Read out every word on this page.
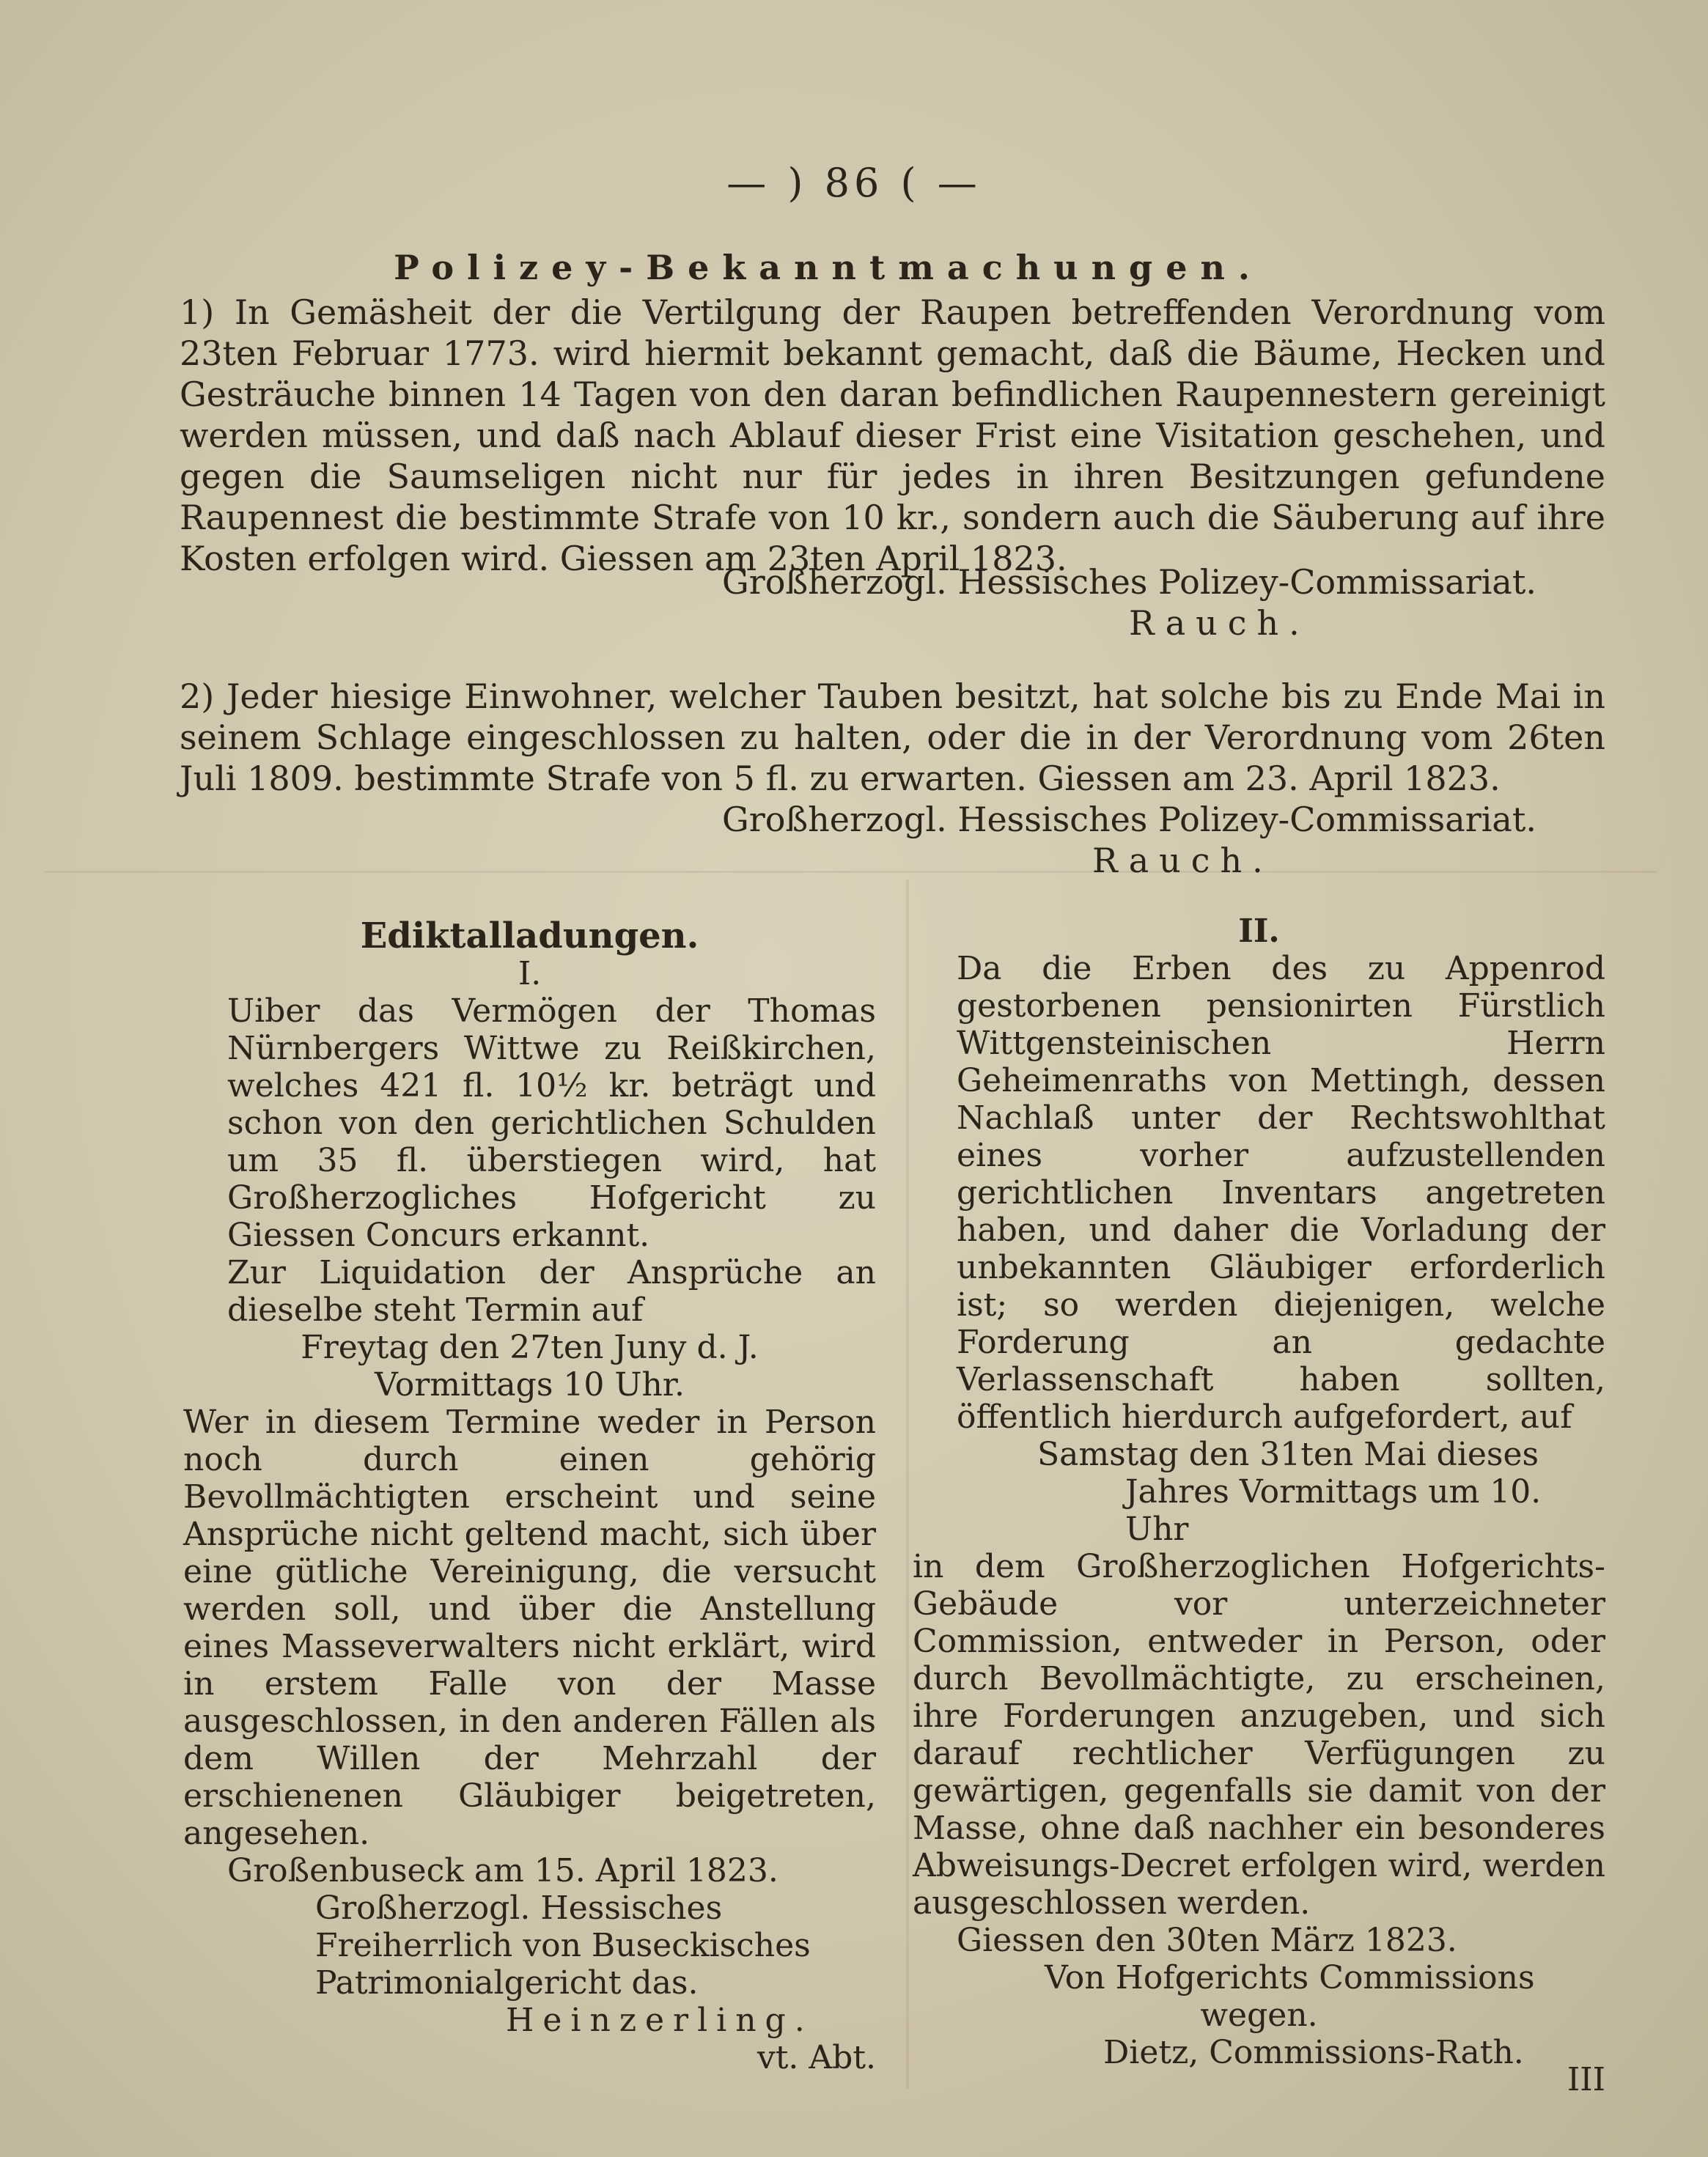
— ) 86 ( —
Polizey-Bekanntmachungen.
1) In Gemäsheit der die Vertilgung der Raupen betreffenden Verordnung vom 23ten Februar 1773. wird hiermit bekannt gemacht, daß die Bäume, Hecken und Gesträuche binnen 14 Tagen von den daran befindlichen Raupennestern gereinigt werden müssen, und daß nach Ablauf dieser Frist eine Visitation geschehen, und gegen die Saumseligen nicht nur für jedes in ihren Besitzungen gefundene Raupennest die bestimmte Strafe von 10 kr., sondern auch die Säuberung auf ihre Kosten erfolgen wird. Giessen am 23ten April 1823.
Großherzogl. Hessisches Polizey-Commissariat.
Rauch.
2) Jeder hiesige Einwohner, welcher Tauben besitzt, hat solche bis zu Ende Mai in seinem Schlage eingeschlossen zu halten, oder die in der Verordnung vom 26ten Juli 1809. bestimmte Strafe von 5 fl. zu erwarten. Giessen am 23. April 1823.
Großherzogl. Hessisches Polizey-Commissariat.
Rauch.
Ediktalladungen.
I.
Uiber das Vermögen der Thomas Nürnbergers Wittwe zu Reißkirchen, welches 421 fl. 10½ kr. beträgt und schon von den gerichtlichen Schulden um 35 fl. überstiegen wird, hat Großherzogliches Hofgericht zu Giessen Concurs erkannt.
Zur Liquidation der Ansprüche an dieselbe steht Termin auf
Freytag den 27ten Juny d. J.
Vormittags 10 Uhr.
Wer in diesem Termine weder in Person noch durch einen gehörig Bevollmächtigten erscheint und seine Ansprüche nicht geltend macht, sich über eine gütliche Vereinigung, die versucht werden soll, und über die Anstellung eines Masseverwalters nicht erklärt, wird in erstem Falle von der Masse ausgeschlossen, in den anderen Fällen als dem Willen der Mehrzahl der erschienenen Gläubiger beigetreten, angesehen.
Großenbuseck am 15. April 1823.
Großherzogl. Hessisches Freiherrlich von Buseckisches Patrimonialgericht das.
Heinzerling.
vt. Abt.
II.
Da die Erben des zu Appenrod gestorbenen pensionirten Fürstlich Wittgensteinischen Herrn Geheimenraths von Mettingh, dessen Nachlaß unter der Rechtswohlthat eines vorher aufzustellenden gerichtlichen Inventars angetreten haben, und daher die Vorladung der unbekannten Gläubiger erforderlich ist; so werden diejenigen, welche Forderung an gedachte Verlassenschaft haben sollten, öffentlich hierdurch aufgefordert, auf
Samstag den 31ten Mai dieses
Jahres Vormittags um 10.
Uhr
in dem Großherzoglichen Hofgerichts-Gebäude vor unterzeichneter Commission, entweder in Person, oder durch Bevollmächtigte, zu erscheinen, ihre Forderungen anzugeben, und sich darauf rechtlicher Verfügungen zu gewärtigen, gegenfalls sie damit von der Masse, ohne daß nachher ein besonderes Abweisungs-Decret erfolgen wird, werden ausgeschlossen werden.
Giessen den 30ten März 1823.
Von Hofgerichts Commissions
wegen.
Dietz, Commissions-Rath.
III
